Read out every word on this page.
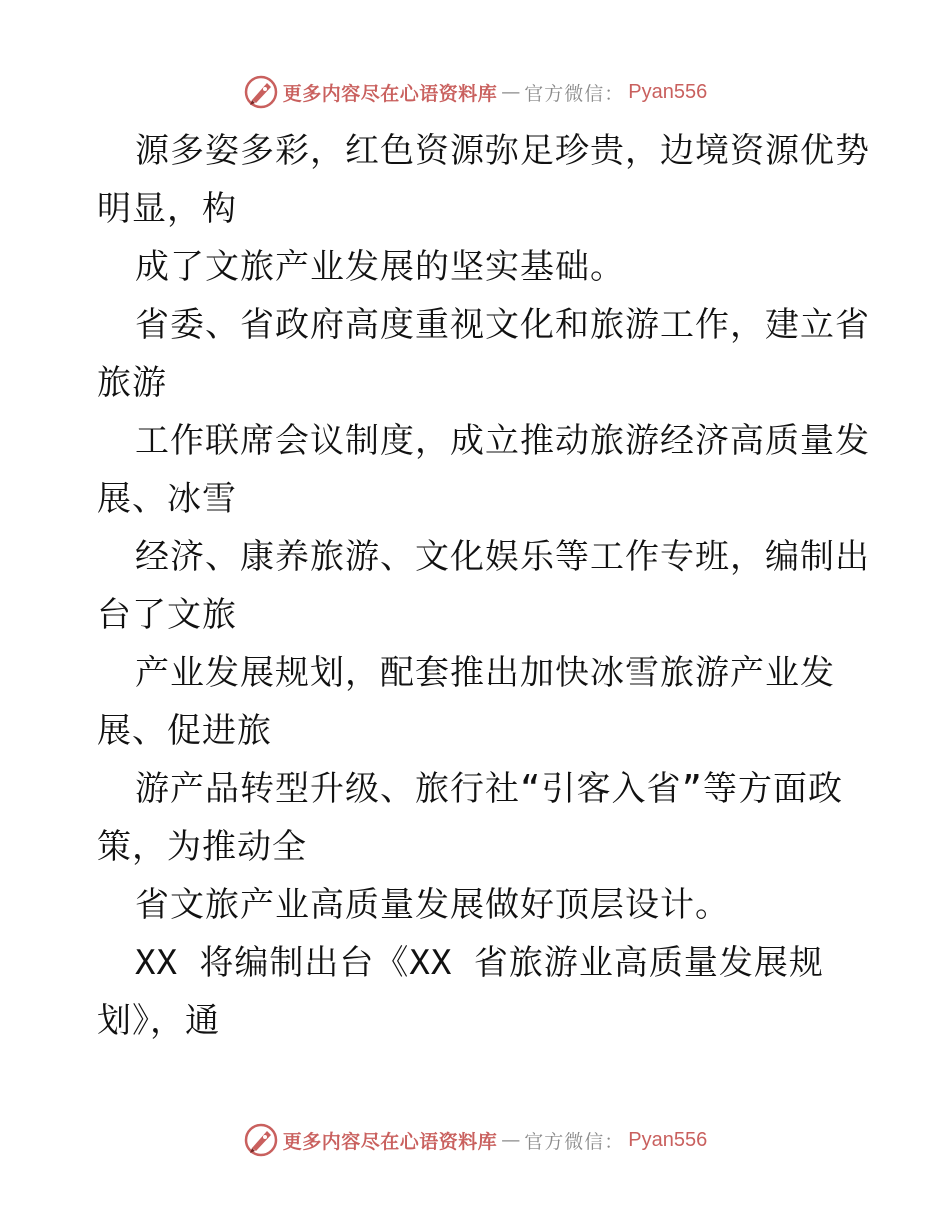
更多内容尽在心语资料库 — 官方微信： Pyan556
源多姿多彩，红色资源弥足珍贵，边境资源优势
明显，构
成了文旅产业发展的坚实基础。
省委、省政府高度重视文化和旅游工作，建立省
旅游
工作联席会议制度，成立推动旅游经济高质量发
展、冰雪
经济、康养旅游、文化娱乐等工作专班，编制出
台了文旅
产业发展规划，配套推出加快冰雪旅游产业发
展、促进旅
游产品转型升级、旅行社“引客入省”等方面政
策，为推动全
省文旅产业高质量发展做好顶层设计。
XX 将编制出台《XX 省旅游业高质量发展规
划》，通
更多内容尽在心语资料库 — 官方微信： Pyan556
